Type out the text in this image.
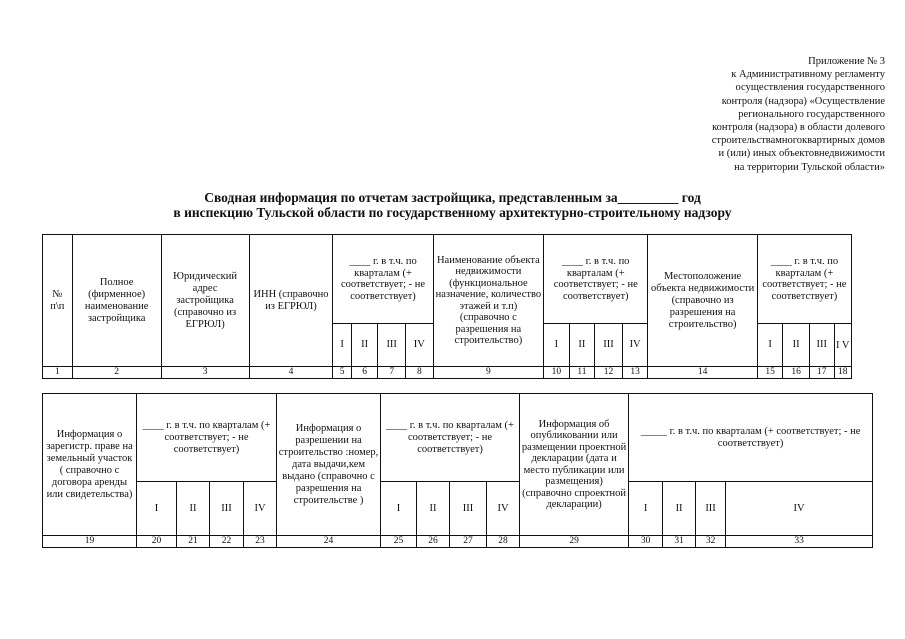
Приложение № 3
к Административному регламенту
осуществления государственного
контроля (надзора) «Осуществление
регионального государственного
контроля (надзора) в области долевого
строительствамногоквартирных домов
и (или) иных объектовнедвижимости
на территории Тульской области»
Сводная информация по отчетам застройщика, представленным за_________ год
в инспекцию Тульской области по государственному архитектурно-строительному надзору
№ п\п	Полное (фирменное) наименование застройщика	Юридический адрес застройщика (справочно из ЕГРЮЛ)	ИНН (справочно из ЕГРЮЛ)	____ г. в т.ч. по кварталам (+ соответствует; - не соответствует)				Наименование объекта недвижимости (функциональное назначение, количество этажей и т.п) (справочно с разрешения на строительство)	____ г. в т.ч. по кварталам (+ соответствует; - не соответствует)				Местоположение объекта недвижимости (справочно из разрешения на строительство)	____ г. в т.ч. по кварталам (+ соответствует; - не соответствует)			
				I	II	III	IV		I	II	III	IV		I	II	III	I V
1	2	3	4	5	6	7	8	9	10	11	12	13	14	15	16	17	18
Информация о зарегистр. праве на земельный участок ( справочно с договора аренды или свидетельства)	____ г. в т.ч. по кварталам (+ соответствует; - не соответствует)				Информация о разрешении на строительство :номер, дата выдачи,кем выдано (справочно с разрешения на строительстве )	____ г. в т.ч. по кварталам (+ соответствует; - не соответствует)				Информация об опубликовании или размещении проектной декларации (дата и место публикации или размещения) (справочно спроектной декларации)	_____ г. в т.ч. по кварталам (+ соответствует; - не соответствует)			
	I	II	III	IV		I	II	III	IV		I	II	III	IV
19	20	21	22	23	24	25	26	27	28	29	30	31	32	33
